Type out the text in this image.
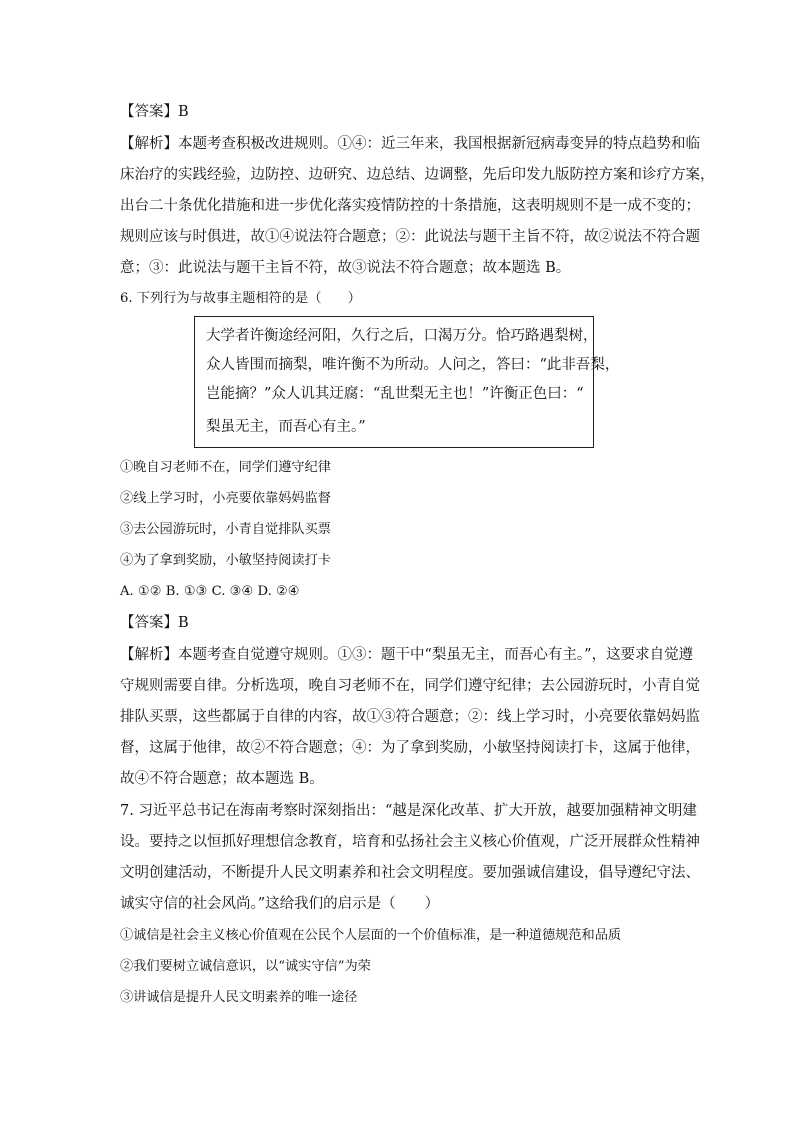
【答案】B
【解析】本题考查积极改进规则。①④：近三年来，我国根据新冠病毒变异的特点趋势和临
床治疗的实践经验，边防控、边研究、边总结、边调整，先后印发九版防控方案和诊疗方案，
出台二十条优化措施和进一步优化落实疫情防控的十条措施，这表明规则不是一成不变的；
规则应该与时俱进，故①④说法符合题意；②：此说法与题干主旨不符，故②说法不符合题
意；③：此说法与题干主旨不符，故③说法不符合题意；故本题选 B。
6. 下列行为与故事主题相符的是（　　）
大学者许衡途经河阳，久行之后，口渴万分。恰巧路遇梨树，
众人皆围而摘梨，唯许衡不为所动。人问之，答曰：“此非吾梨，
岂能摘？”众人讥其迂腐：“乱世梨无主也！”许衡正色曰：“
梨虽无主，而吾心有主。”
①晚自习老师不在，同学们遵守纪律
②线上学习时，小亮要依靠妈妈监督
③去公园游玩时，小青自觉排队买票
④为了拿到奖励，小敏坚持阅读打卡
A. ①② B. ①③ C. ③④ D. ②④
【答案】B
【解析】本题考查自觉遵守规则。①③：题干中“梨虽无主，而吾心有主。”，这要求自觉遵
守规则需要自律。分析选项，晚自习老师不在，同学们遵守纪律；去公园游玩时，小青自觉
排队买票，这些都属于自律的内容，故①③符合题意；②：线上学习时，小亮要依靠妈妈监
督，这属于他律，故②不符合题意；④：为了拿到奖励，小敏坚持阅读打卡，这属于他律，
故④不符合题意；故本题选 B。
7. 习近平总书记在海南考察时深刻指出：“越是深化改革、扩大开放，越要加强精神文明建
设。要持之以恒抓好理想信念教育，培育和弘扬社会主义核心价值观，广泛开展群众性精神
文明创建活动，不断提升人民文明素养和社会文明程度。要加强诚信建设，倡导遵纪守法、
诚实守信的社会风尚。”这给我们的启示是（　　）
①诚信是社会主义核心价值观在公民个人层面的一个价值标准，是一种道德规范和品质
②我们要树立诚信意识，以“诚实守信”为荣
③讲诚信是提升人民文明素养的唯一途径
